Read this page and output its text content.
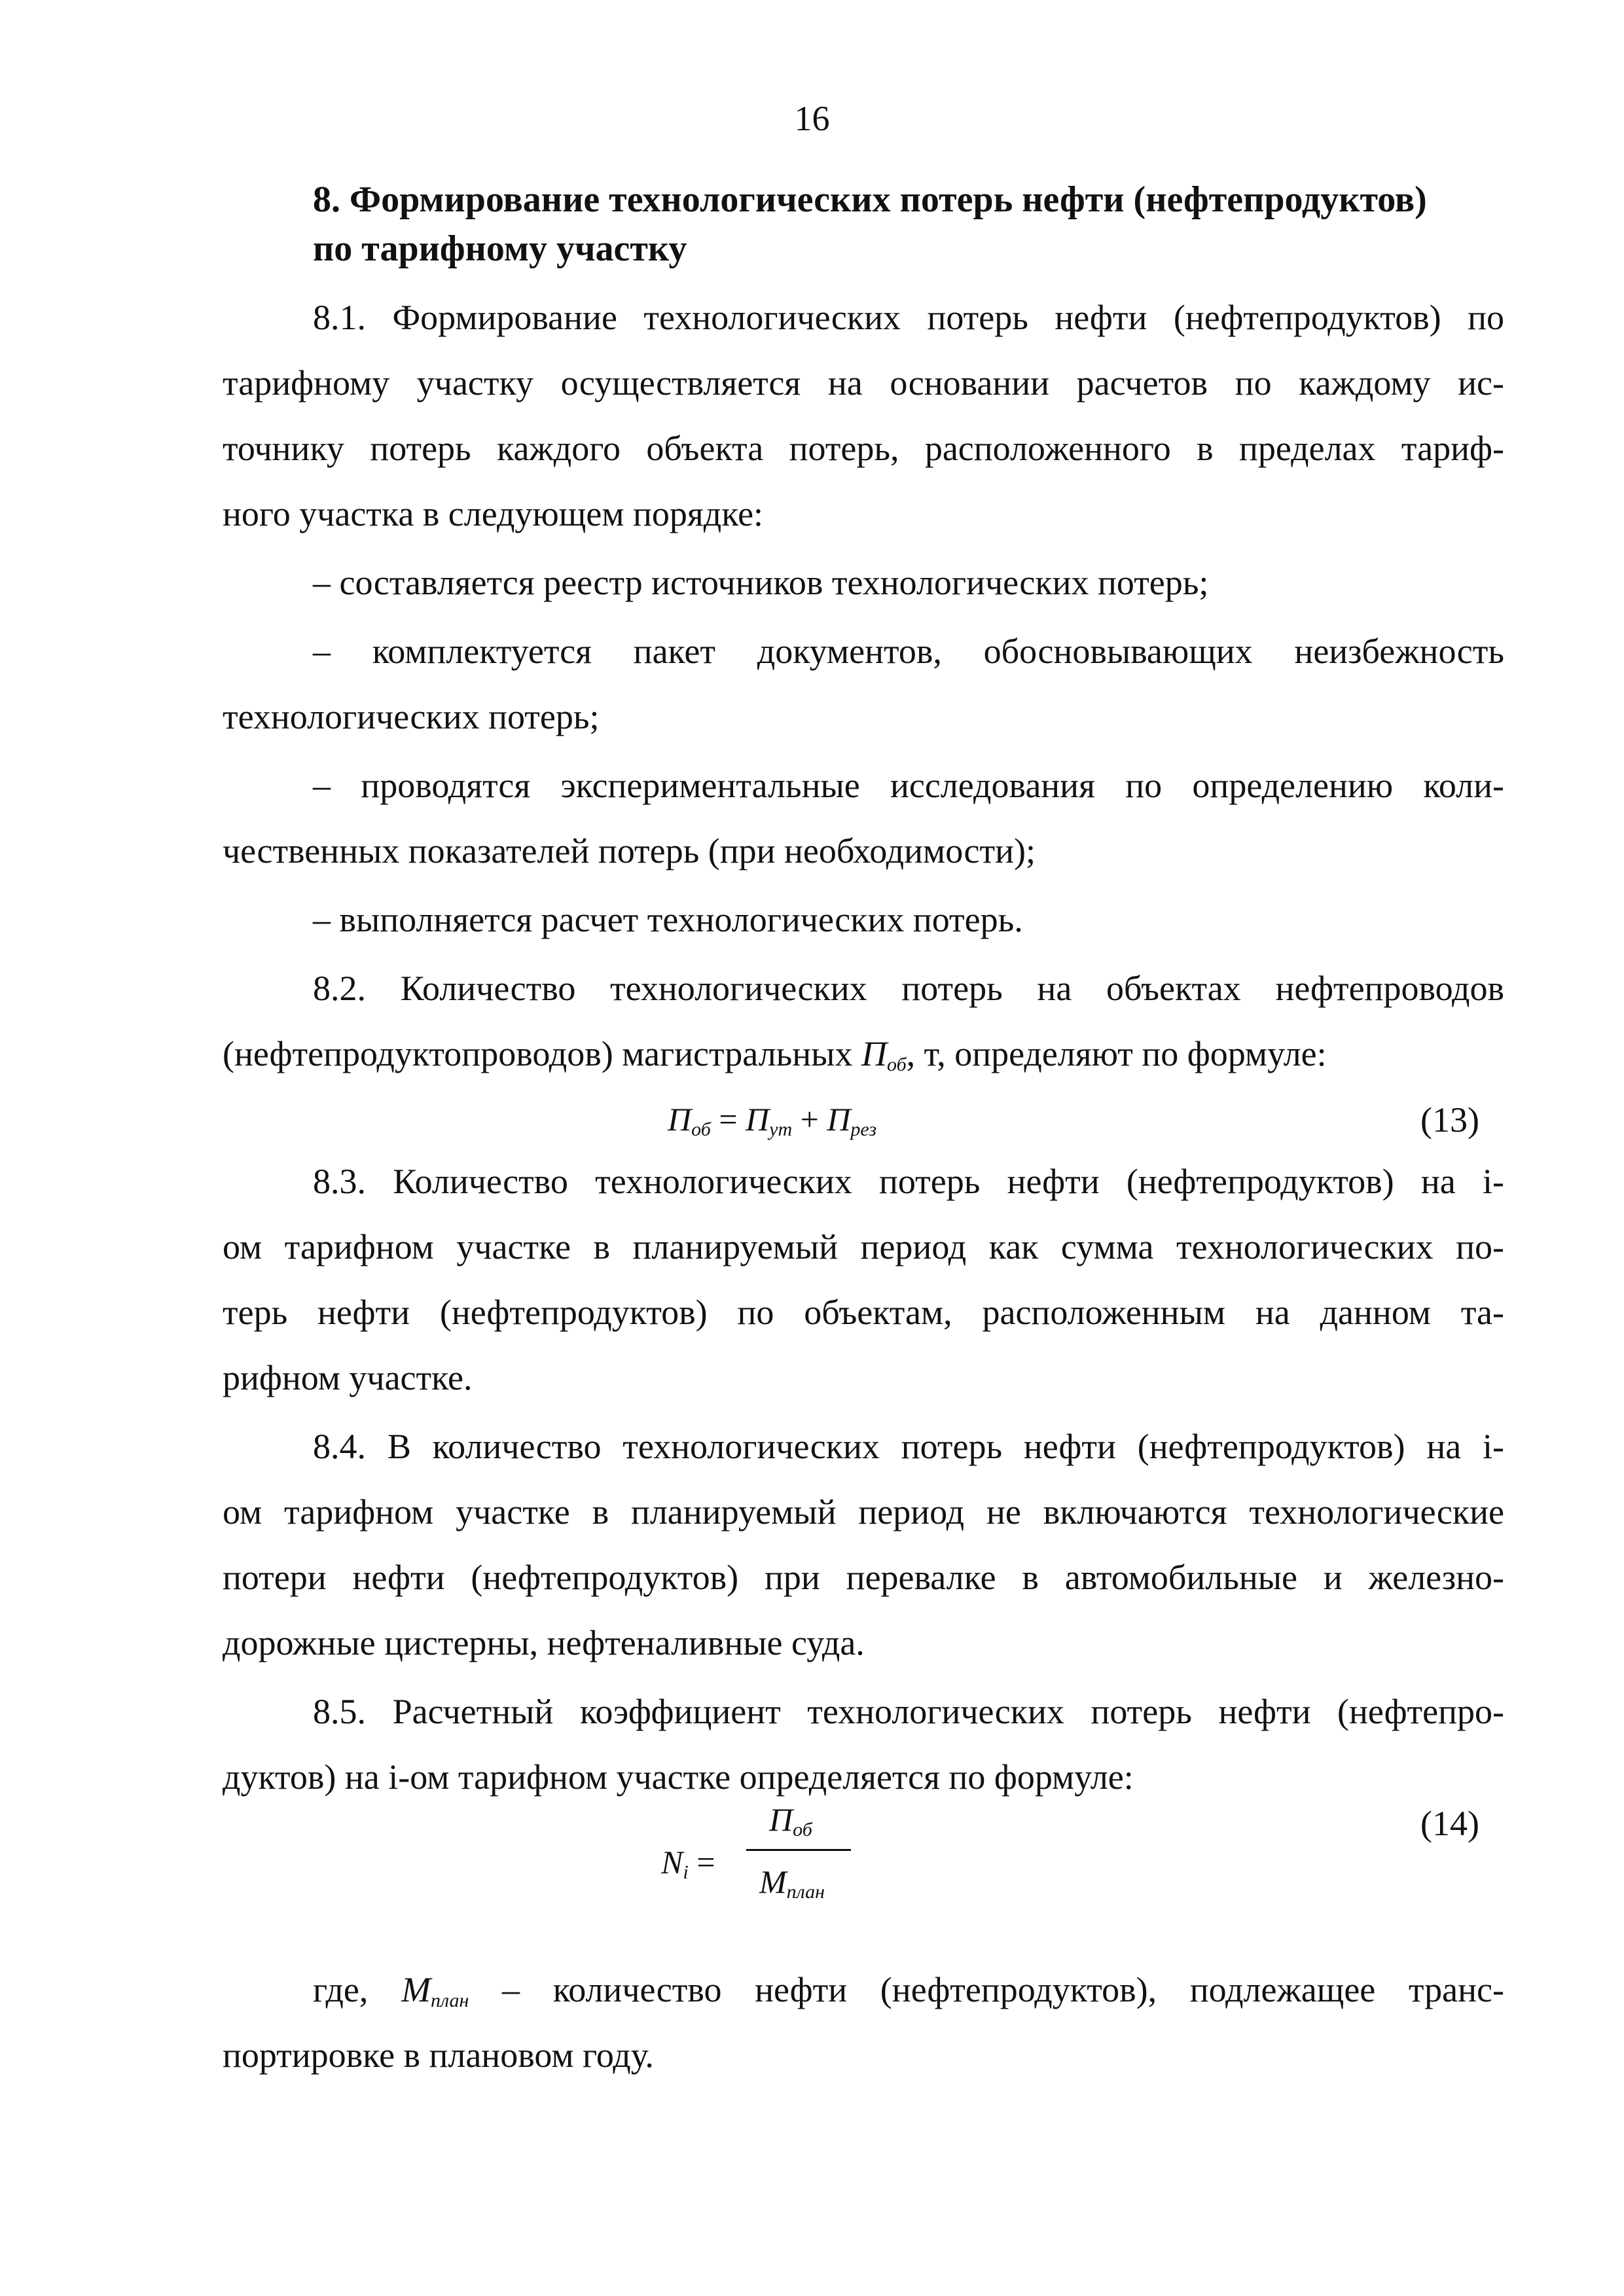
16
8. Формирование технологических потерь нефти (нефтепродуктов)
по тарифному участку
8.1. Формирование технологических потерь нефти (нефтепродуктов) по
тарифному участку осуществляется на основании расчетов по каждому ис-
точнику потерь каждого объекта потерь, расположенного в пределах тариф-
ного участка в следующем порядке:
– составляется реестр источников технологических потерь;
– комплектуется пакет документов, обосновывающих неизбежность
технологических потерь;
– проводятся экспериментальные исследования по определению коли-
чественных показателей потерь (при необходимости);
– выполняется расчет технологических потерь.
8.2. Количество технологических потерь на объектах нефтепроводов
(нефтепродуктопроводов) магистральных $П_{об}$, т, определяют по формуле:
$П_{об} = П_{ут} + П_{рез}$	(13)
8.3. Количество технологических потерь нефти (нефтепродуктов) на i-
ом тарифном участке в планируемый период как сумма технологических по-
терь нефти (нефтепродуктов) по объектам, расположенным на данном та-
рифном участке.
8.4. В количество технологических потерь нефти (нефтепродуктов) на i-
ом тарифном участке в планируемый период не включаются технологические
потери нефти (нефтепродуктов) при перевалке в автомобильные и железно-
дорожные цистерны, нефтеналивные суда.
8.5. Расчетный коэффициент технологических потерь нефти (нефтепро-
дуктов) на i-ом тарифном участке определяется по формуле:
$П_{об}$
$N_i$ =
$M_{план}$
(14)
где, $M_{план}$ – количество нефти (нефтепродуктов), подлежащее транс-
портировке в плановом году.
